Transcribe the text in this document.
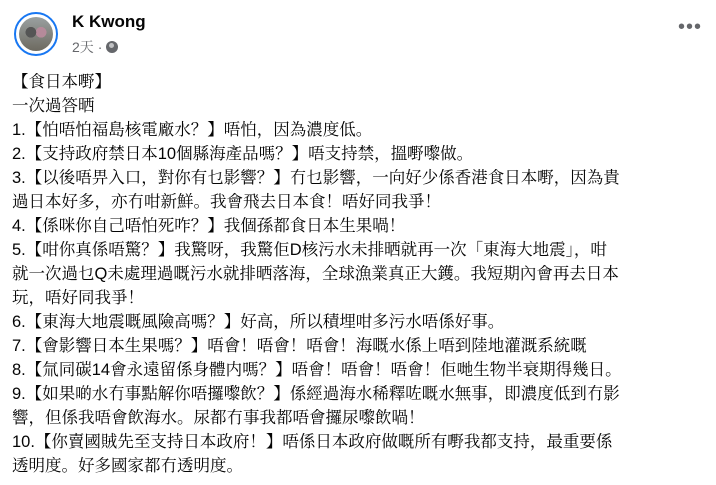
K Kwong
2天 ·
•••
【食日本嘢】
一次過答晒
1.【怕唔怕福島核電廠水？】唔怕，因為濃度低。
2.【支持政府禁日本10個縣海產品嗎？】唔支持禁，搵嘢嚟做。
3.【以後唔畀入口，對你有乜影響？】冇乜影響，一向好少係香港食日本嘢，因為貴
過日本好多，亦冇咁新鮮。我會飛去日本食！唔好同我爭！
4.【係咪你自己唔怕死咋？】我個孫都食日本生果喎！
5.【咁你真係唔驚？】我驚呀，我驚佢D核污水未排晒就再一次「東海大地震」，咁
就一次過乜Q未處理過嘅污水就排晒落海，全球漁業真正大鑊。我短期內會再去日本
玩，唔好同我爭！
6.【東海大地震嘅風險高嗎？】好高，所以積埋咁多污水唔係好事。
7.【會影響日本生果嗎？】唔會！唔會！唔會！海嘅水係上唔到陸地灌溉系統嘅
8.【氚同碳14會永遠留係身體内嗎？】唔會！唔會！唔會！佢哋生物半衰期得幾日。
9.【如果啲水冇事點解你唔攞嚟飲？】係經過海水稀釋咗嘅水無事，即濃度低到冇影
響，但係我唔會飲海水。尿都冇事我都唔會攞尿嚟飲喎！
10.【你賣國賊先至支持日本政府！】唔係日本政府做嘅所有嘢我都支持，最重要係
透明度。好多國家都冇透明度。
